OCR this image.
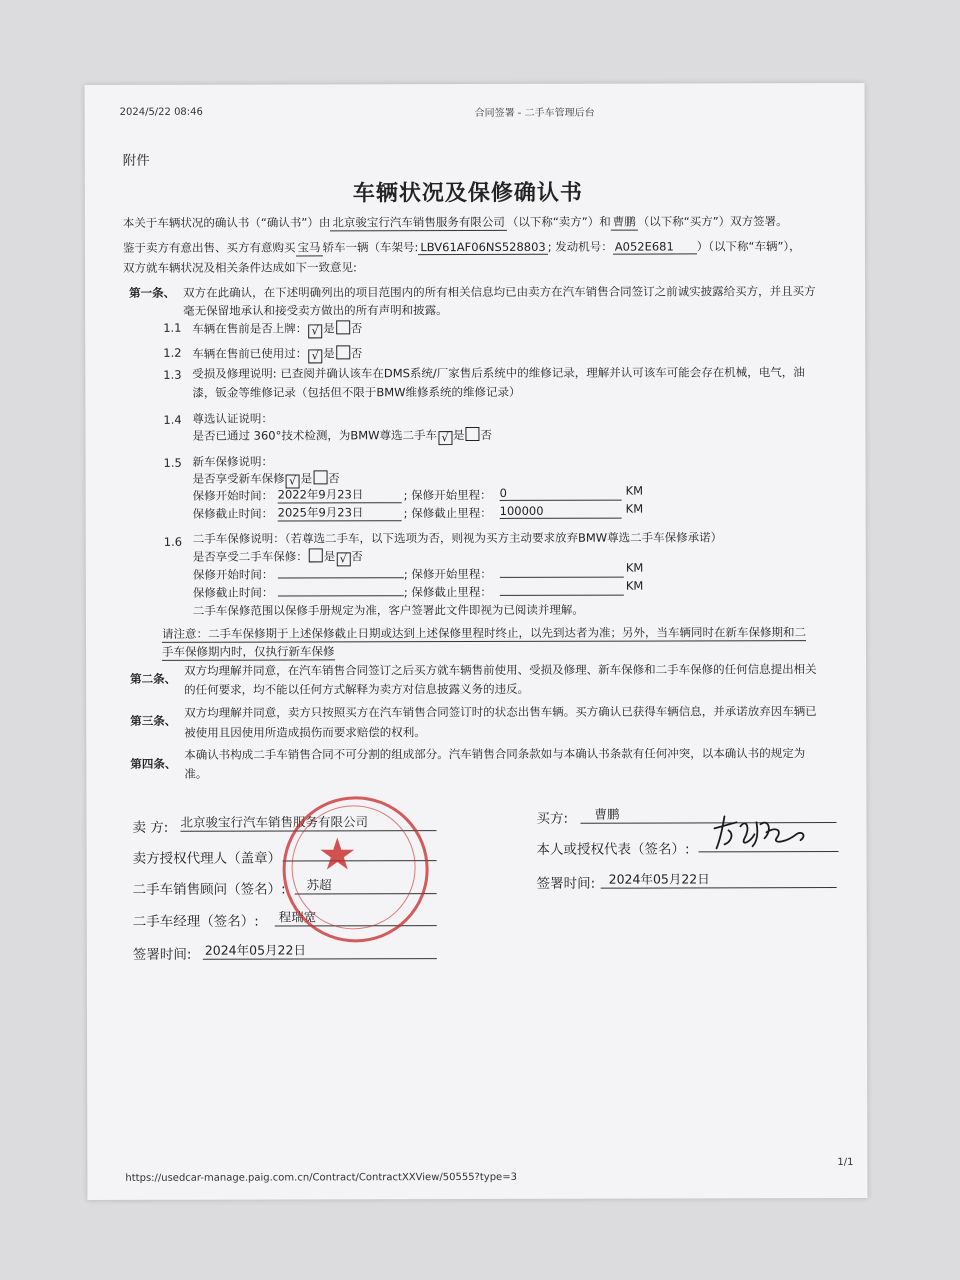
2024/5/22 08:46	合同签署 - 二手车管理后台
附件
车辆状况及保修确认书
本关于车辆状况的确认书（“确认书”）由 北京骏宝行汽车销售服务有限公司 （以下称“卖方”）和 曹鹏 （以下称“买方”）双方签署。
鉴于卖方有意出售、买方有意购买 宝马 轿车一辆（车架号: LBV61AF06NS528803 ; 发动机号： A052E681 ）（以下称“车辆”），
双方就车辆状况及相关条件达成如下一致意见:
第一条、 双方在此确认，在下述明确列出的项目范围内的所有相关信息均已由卖方在汽车销售合同签订之前诚实披露给买方，并且买方
毫无保留地承认和接受卖方做出的所有声明和披露。
1.1 车辆在售前是否上牌： √ 是 否
1.2 车辆在售前已使用过： √ 是 否
1.3 受损及修理说明: 已查阅并确认该车在DMS系统/厂家售后系统中的维修记录，理解并认可该车可能会存在机械，电气，油
漆，钣金等维修记录（包括但不限于BMW维修系统的维修记录）
1.4 尊选认证说明：
是否已通过 360°技术检测，为BMW尊选二手车 √ 是 否
1.5 新车保修说明：
是否享受新车保修 √ 是 否
保修开始时间： 2022年9月23日	; 保修开始里程： 0	KM
保修截止时间： 2025年9月23日	; 保修截止里程： 100000	KM
1.6 二手车保修说明：（若尊选二手车，以下选项为否，则视为买方主动要求放弃BMW尊选二手车保修承诺）
是否享受二手车保修： 是 √ 否
保修开始时间：	; 保修开始里程：	KM
保修截止时间：	; 保修截止里程：	KM
二手车保修范围以保修手册规定为准，客户签署此文件即视为已阅读并理解。
请注意：二手车保修期于上述保修截止日期或达到上述保修里程时终止，以先到达者为准；另外，当车辆同时在新车保修期和二
手车保修期内时，仅执行新车保修
第二条、
双方均理解并同意，在汽车销售合同签订之后买方就车辆售前使用、受损及修理、新车保修和二手车保修的任何信息提出相关
的任何要求，均不能以任何方式解释为卖方对信息披露义务的违反。
第三条、
双方均理解并同意，卖方只按照买方在汽车销售合同签订时的状态出售车辆。买方确认已获得车辆信息，并承诺放弃因车辆已
被使用且因使用所造成损伤而要求赔偿的权利。
第四条、
本确认书构成二手车销售合同不可分割的组成部分。汽车销售合同条款如与本确认书条款有任何冲突，以本确认书的规定为
准。
卖 方: 北京骏宝行汽车销售服务有限公司
卖方授权代理人（盖章）
二手车销售顾问（签名）:	苏超
二手车经理（签名）:	程瑞宽
签署时间: 2024年05月22日
买方:	曹鹏
本人或授权代表（签名）:
签署时间:	2024年05月22日
★
https://usedcar-manage.paig.com.cn/Contract/ContractXXView/50555?type=3
1/1
